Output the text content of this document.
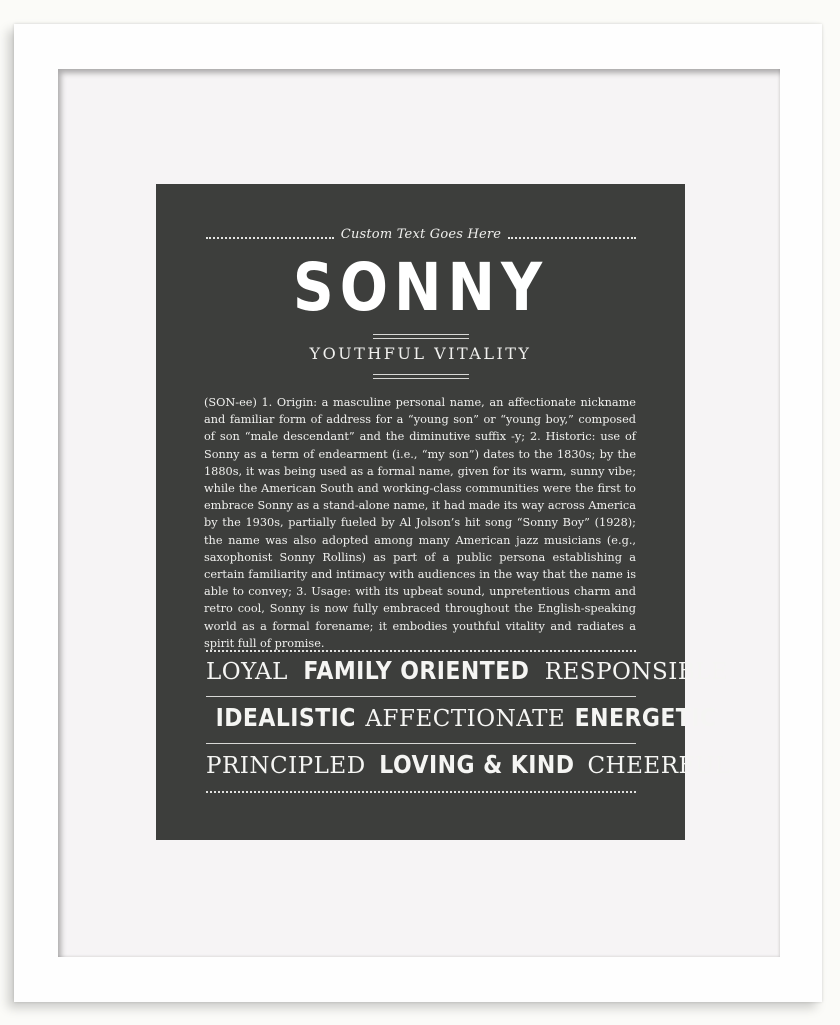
Custom Text Goes Here
SONNY
YOUTHFUL VITALITY

(SON-ee) 1. Origin: a masculine personal name, an affectionate nickname and familiar form of address for a “young son” or “young boy,” composed of son “male descendant” and the diminutive suffix -y; 2. Historic: use of Sonny as a term of endearment (i.e., “my son”) dates to the 1830s; by the 1880s, it was being used as a formal name, given for its warm, sunny vibe; while the American South and working-class communities were the first to embrace Sonny as a stand-alone name, it had made its way across America by the 1930s, partially fueled by Al Jolson’s hit song “Sonny Boy” (1928); the name was also adopted among many American jazz musicians (e.g., saxophonist Sonny Rollins) as part of a public persona establishing a certain familiarity and intimacy with audiences in the way that the name is able to convey; 3. Usage: with its upbeat sound, unpretentious charm and retro cool, Sonny is now fully embraced throughout the English-speaking world as a formal forename; it embodies youthful vitality and radiates a spirit full of promise.

LOYAL FAMILY ORIENTED RESPONSIBLE
IDEALISTIC AFFECTIONATE ENERGETIC
PRINCIPLED LOVING & KIND CHEERFUL
